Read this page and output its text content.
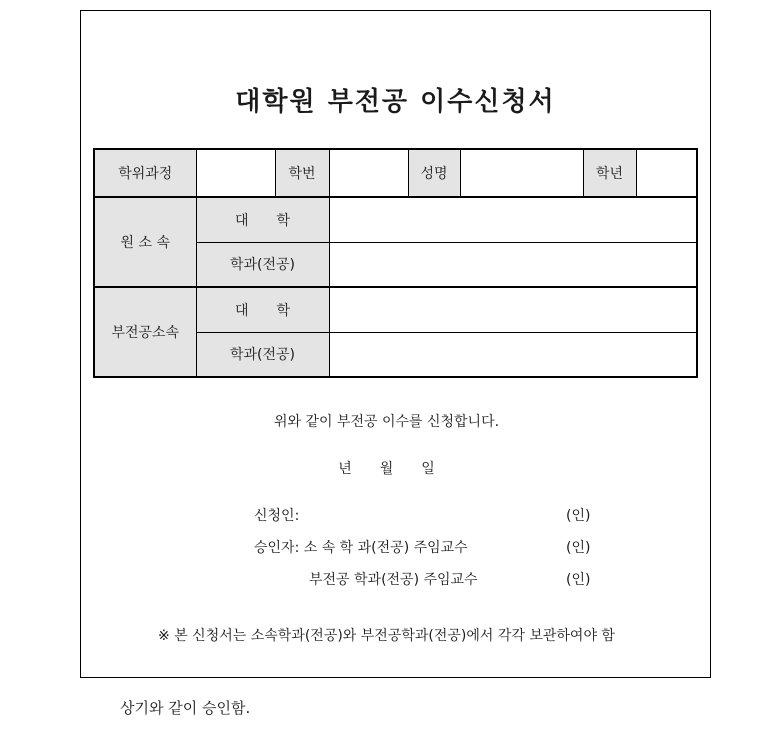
대학원 부전공 이수신청서
학위과정		학번		성명		학년	
원 소 속	대　　학						
	학과(전공)						
부전공소속	대　　학						
	학과(전공)						
위와 같이 부전공 이수를 신청합니다.
년　　월　　일
신청인:	(인)
승인자: 소 속 학 과(전공) 주임교수	(인)
부전공 학과(전공) 주임교수	(인)
※ 본 신청서는 소속학과(전공)와 부전공학과(전공)에서 각각 보관하여야 함
상기와 같이 승인함.
